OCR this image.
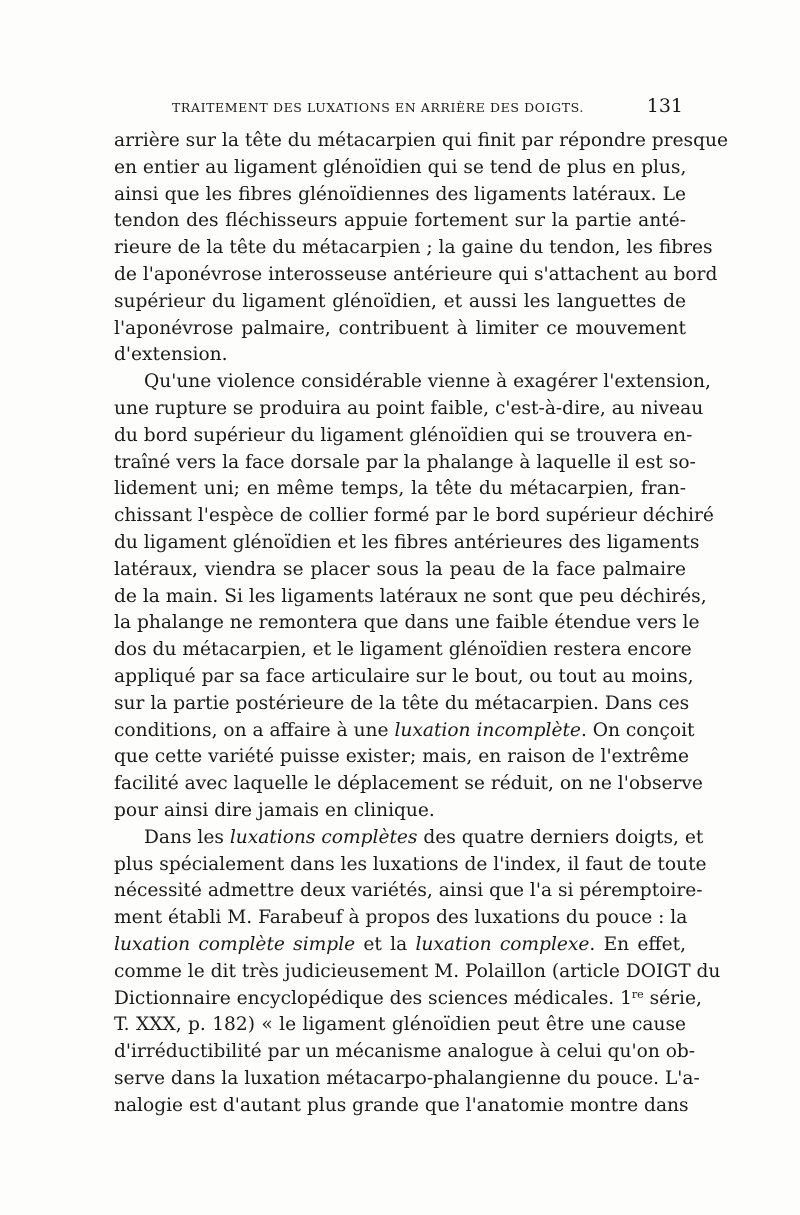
TRAITEMENT DES LUXATIONS EN ARRIÈRE DES DOIGTS.	131
arrière sur la tête du métacarpien qui finit par répondre presque
en entier au ligament glénoïdien qui se tend de plus en plus,
ainsi que les fibres glénoïdiennes des ligaments latéraux. Le
tendon des fléchisseurs appuie fortement sur la partie anté-
rieure de la tête du métacarpien ; la gaine du tendon, les fibres
de l'aponévrose interosseuse antérieure qui s'attachent au bord
supérieur du ligament glénoïdien, et aussi les languettes de
l'aponévrose palmaire, contribuent à limiter ce mouvement
d'extension.
Qu'une violence considérable vienne à exagérer l'extension,
une rupture se produira au point faible, c'est-à-dire, au niveau
du bord supérieur du ligament glénoïdien qui se trouvera en-
traîné vers la face dorsale par la phalange à laquelle il est so-
lidement uni; en même temps, la tête du métacarpien, fran-
chissant l'espèce de collier formé par le bord supérieur déchiré
du ligament glénoïdien et les fibres antérieures des ligaments
latéraux, viendra se placer sous la peau de la face palmaire
de la main. Si les ligaments latéraux ne sont que peu déchirés,
la phalange ne remontera que dans une faible étendue vers le
dos du métacarpien, et le ligament glénoïdien restera encore
appliqué par sa face articulaire sur le bout, ou tout au moins,
sur la partie postérieure de la tête du métacarpien. Dans ces
conditions, on a affaire à une luxation incomplète. On conçoit
que cette variété puisse exister; mais, en raison de l'extrême
facilité avec laquelle le déplacement se réduit, on ne l'observe
pour ainsi dire jamais en clinique.
Dans les luxations complètes des quatre derniers doigts, et
plus spécialement dans les luxations de l'index, il faut de toute
nécessité admettre deux variétés, ainsi que l'a si péremptoire-
ment établi M. Farabeuf à propos des luxations du pouce : la
luxation complète simple et la luxation complexe. En effet,
comme le dit très judicieusement M. Polaillon (article DOIGT du
Dictionnaire encyclopédique des sciences médicales. 1re série,
T. XXX, p. 182) « le ligament glénoïdien peut être une cause
d'irréductibilité par un mécanisme analogue à celui qu'on ob-
serve dans la luxation métacarpo-phalangienne du pouce. L'a-
nalogie est d'autant plus grande que l'anatomie montre dans
